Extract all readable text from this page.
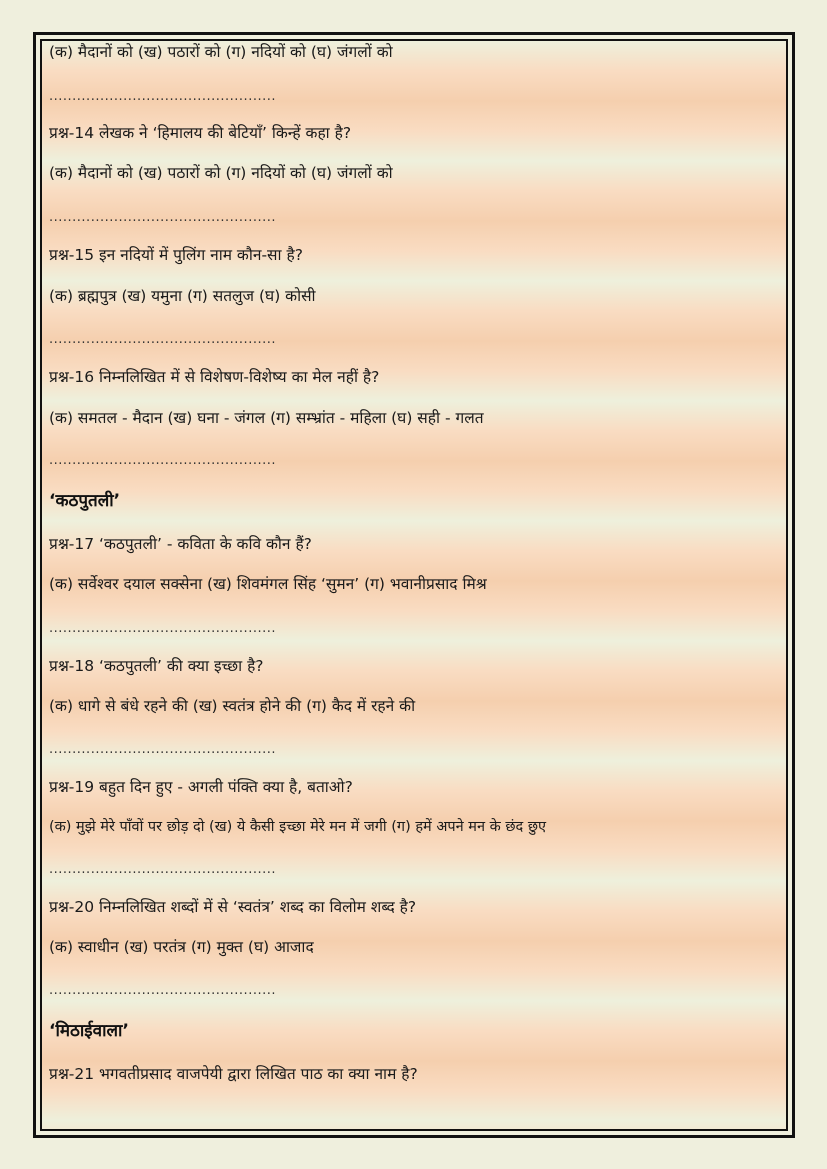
(क) मैदानों को (ख) पठारों को (ग) नदियों को (घ) जंगलों को
.................................................
प्रश्न-14 लेखक ने ‘हिमालय की बेटियाँ’ किन्हें कहा है?
(क) मैदानों को (ख) पठारों को (ग) नदियों को (घ) जंगलों को
.................................................
प्रश्न-15 इन नदियों में पुलिंग नाम कौन-सा है?
(क) ब्रह्मपुत्र (ख) यमुना (ग) सतलुज (घ) कोसी
.................................................
प्रश्न-16 निम्नलिखित में से विशेषण-विशेष्य का मेल नहीं है?
(क) समतल - मैदान (ख) घना - जंगल (ग) सम्भ्रांत - महिला (घ) सही - गलत
.................................................
‘कठपुतली’
प्रश्न-17 ‘कठपुतली’ - कविता के कवि कौन हैं?
(क) सर्वेश्वर दयाल सक्सेना (ख) शिवमंगल सिंह ‘सुमन’ (ग) भवानीप्रसाद मिश्र
.................................................
प्रश्न-18 ‘कठपुतली’ की क्या इच्छा है?
(क) धागे से बंधे रहने की (ख) स्वतंत्र होने की (ग) कैद में रहने की
.................................................
प्रश्न-19 बहुत दिन हुए - अगली पंक्ति क्या है, बताओ?
(क) मुझे मेरे पाँवों पर छोड़ दो (ख) ये कैसी इच्छा मेरे मन में जगी (ग) हमें अपने मन के छंद छुए
.................................................
प्रश्न-20 निम्नलिखित शब्दों में से ‘स्वतंत्र’ शब्द का विलोम शब्द है?
(क) स्वाधीन (ख) परतंत्र (ग) मुक्त (घ) आजाद
.................................................
‘मिठाईवाला’
प्रश्न-21 भगवतीप्रसाद वाजपेयी द्वारा लिखित पाठ का क्या नाम है?
